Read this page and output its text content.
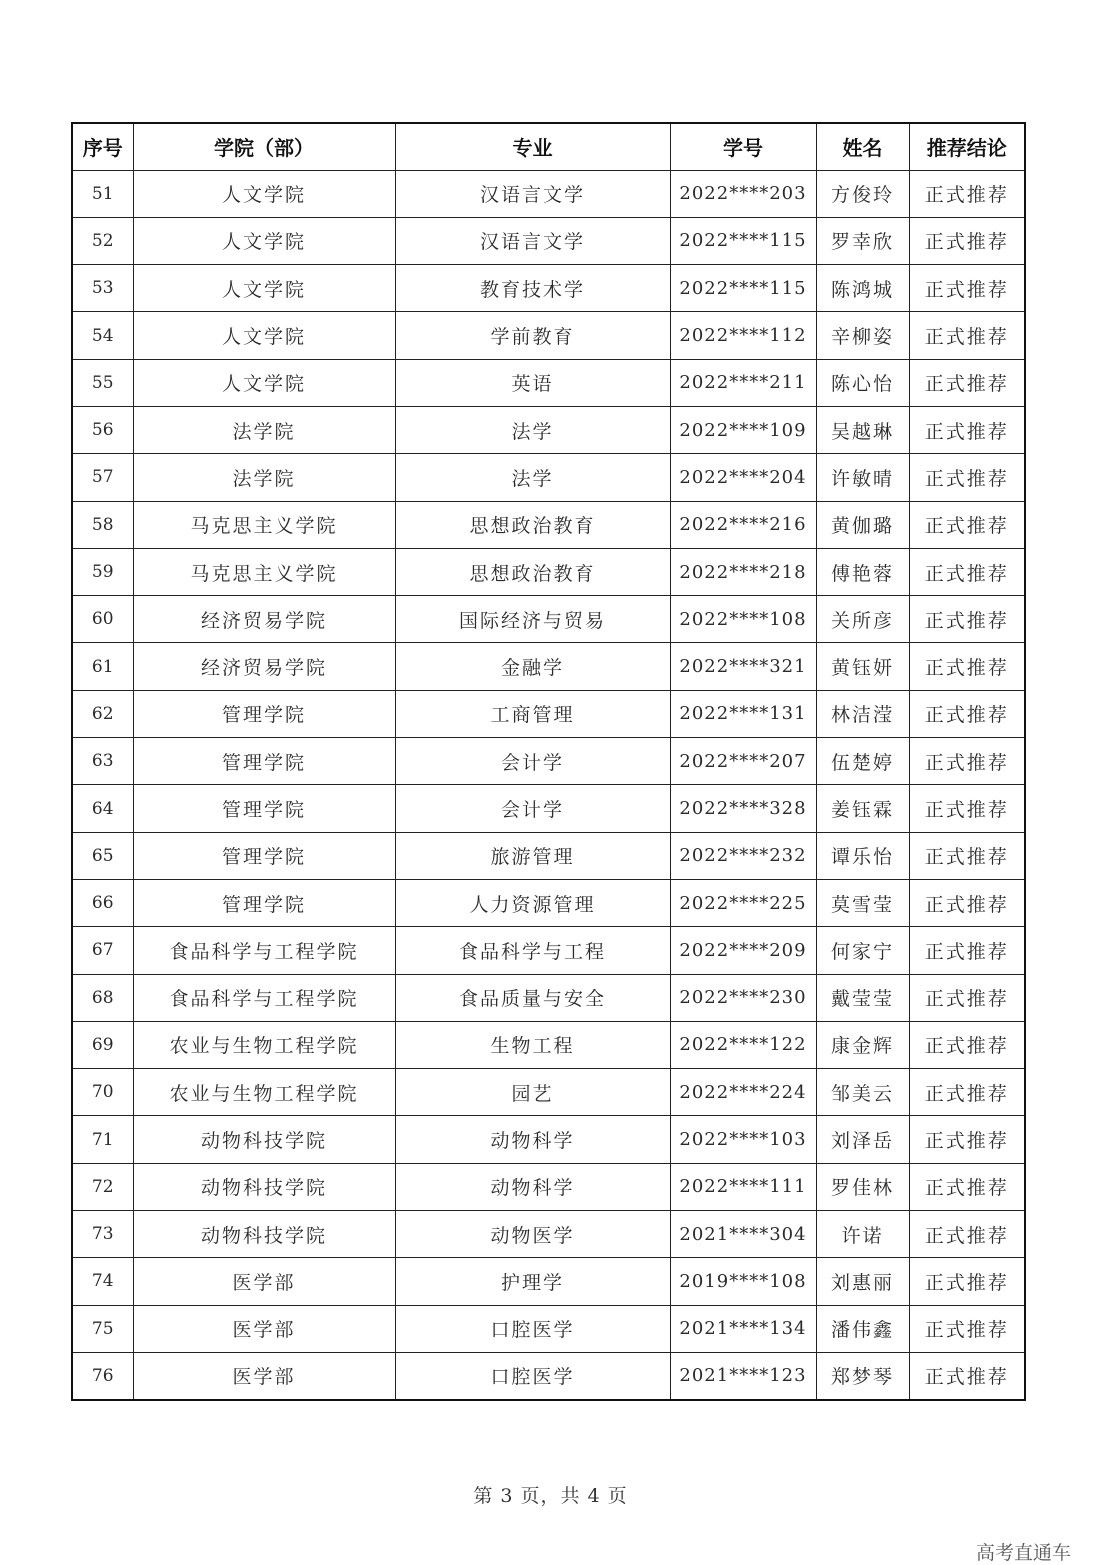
序号	学院（部）	专业	学号	姓名	推荐结论
51	人文学院	汉语言文学	2022****203	方俊玲	正式推荐
52	人文学院	汉语言文学	2022****115	罗幸欣	正式推荐
53	人文学院	教育技术学	2022****115	陈鸿城	正式推荐
54	人文学院	学前教育	2022****112	辛柳姿	正式推荐
55	人文学院	英语	2022****211	陈心怡	正式推荐
56	法学院	法学	2022****109	吴越琳	正式推荐
57	法学院	法学	2022****204	许敏晴	正式推荐
58	马克思主义学院	思想政治教育	2022****216	黄伽璐	正式推荐
59	马克思主义学院	思想政治教育	2022****218	傅艳蓉	正式推荐
60	经济贸易学院	国际经济与贸易	2022****108	关所彦	正式推荐
61	经济贸易学院	金融学	2022****321	黄钰妍	正式推荐
62	管理学院	工商管理	2022****131	林洁滢	正式推荐
63	管理学院	会计学	2022****207	伍楚婷	正式推荐
64	管理学院	会计学	2022****328	姜钰霖	正式推荐
65	管理学院	旅游管理	2022****232	谭乐怡	正式推荐
66	管理学院	人力资源管理	2022****225	莫雪莹	正式推荐
67	食品科学与工程学院	食品科学与工程	2022****209	何家宁	正式推荐
68	食品科学与工程学院	食品质量与安全	2022****230	戴莹莹	正式推荐
69	农业与生物工程学院	生物工程	2022****122	康金辉	正式推荐
70	农业与生物工程学院	园艺	2022****224	邹美云	正式推荐
71	动物科技学院	动物科学	2022****103	刘泽岳	正式推荐
72	动物科技学院	动物科学	2022****111	罗佳林	正式推荐
73	动物科技学院	动物医学	2021****304	许诺	正式推荐
74	医学部	护理学	2019****108	刘惠丽	正式推荐
75	医学部	口腔医学	2021****134	潘伟鑫	正式推荐
76	医学部	口腔医学	2021****123	郑梦琴	正式推荐
第 3 页，共 4 页
高考直通车
